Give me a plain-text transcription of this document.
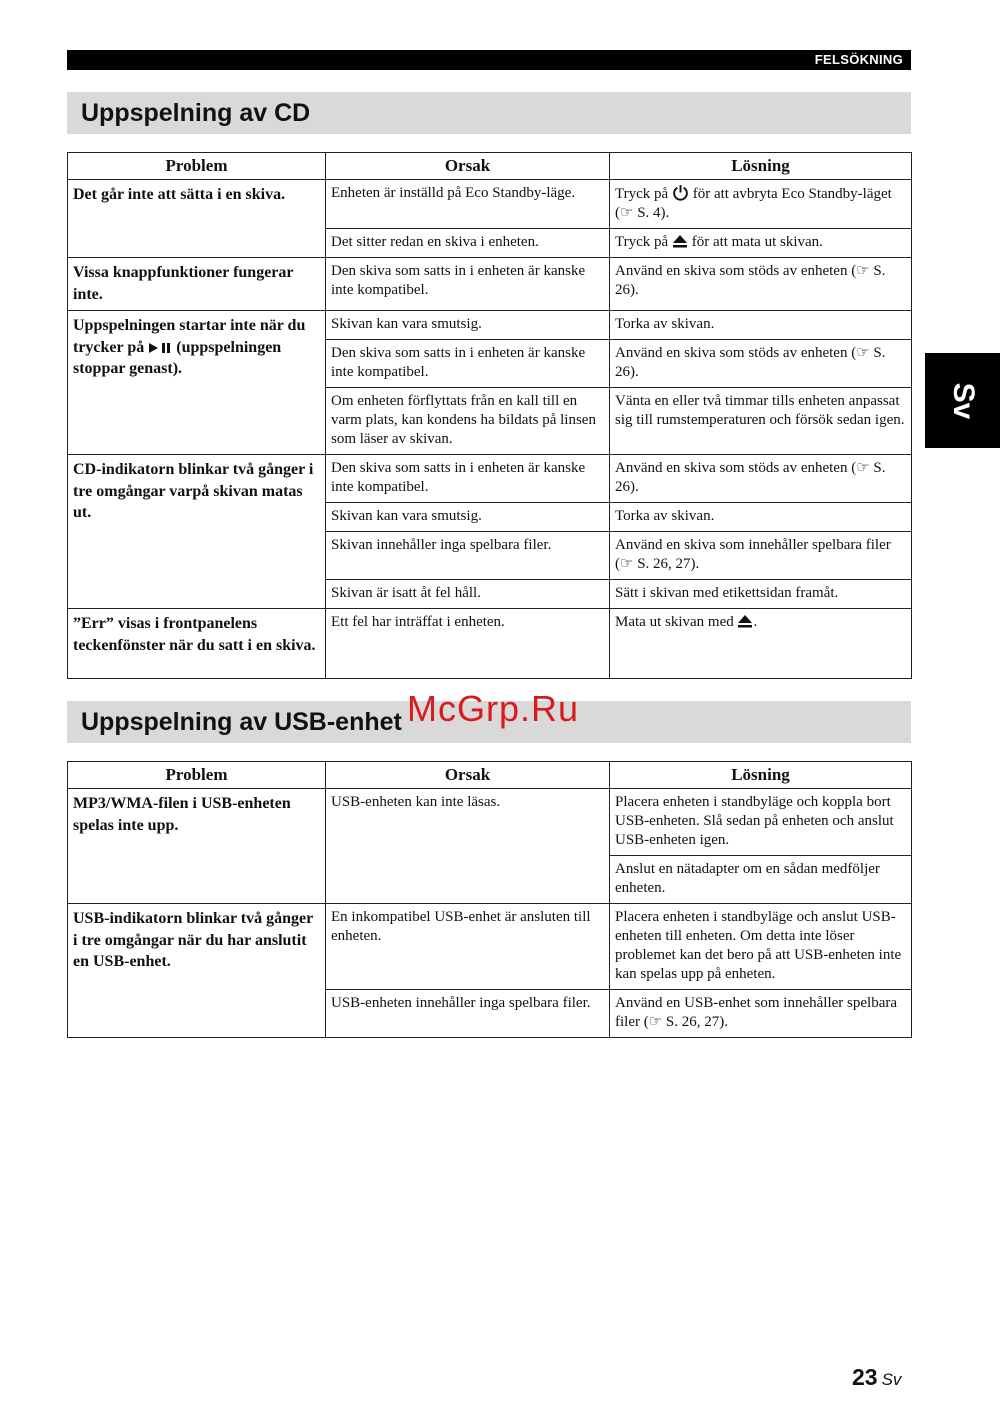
FELSÖKNING
Sv
Uppspelning av CD
Problem	Orsak	Lösning
Det går inte att sätta i en skiva.	Enheten är inställd på Eco Standby-läge.	Tryck på för att avbryta Eco Standby-läget (☞ S. 4).
	Det sitter redan en skiva i enheten.	Tryck på för att mata ut skivan.
Vissa knappfunktioner fungerar inte.	Den skiva som satts in i enheten är kanske inte kompatibel.	Använd en skiva som stöds av enheten (☞ S. 26).
Uppspelningen startar inte när du trycker på (uppspelningen stoppar genast).	Skivan kan vara smutsig.	Torka av skivan.
	Den skiva som satts in i enheten är kanske inte kompatibel.	Använd en skiva som stöds av enheten (☞ S. 26).
	Om enheten förflyttats från en kall till en varm plats, kan kondens ha bildats på linsen som läser av skivan.	Vänta en eller två timmar tills enheten anpassat sig till rumstemperaturen och försök sedan igen.
CD-indikatorn blinkar två gånger i tre omgångar varpå skivan matas ut.	Den skiva som satts in i enheten är kanske inte kompatibel.	Använd en skiva som stöds av enheten (☞ S. 26).
	Skivan kan vara smutsig.	Torka av skivan.
	Skivan innehåller inga spelbara filer.	Använd en skiva som innehåller spelbara filer (☞ S. 26, 27).
	Skivan är isatt åt fel håll.	Sätt i skivan med etikettsidan framåt.
”Err” visas i frontpanelens teckenfönster när du satt i en skiva.	Ett fel har inträffat i enheten.	Mata ut skivan med .
Uppspelning av USB-enhet McGrp.Ru
Problem	Orsak	Lösning
MP3/WMA-filen i USB-enheten spelas inte upp.	USB-enheten kan inte läsas.	Placera enheten i standbyläge och koppla bort USB-enheten. Slå sedan på enheten och anslut USB-enheten igen.
		Anslut en nätadapter om en sådan medföljer enheten.
USB-indikatorn blinkar två gånger i tre omgångar när du har anslutit en USB-enhet.	En inkompatibel USB-enhet är ansluten till enheten.	Placera enheten i standbyläge och anslut USB-enheten till enheten. Om detta inte löser problemet kan det bero på att USB-enheten inte kan spelas upp på enheten.
	USB-enheten innehåller inga spelbara filer.	Använd en USB-enhet som innehåller spelbara filer (☞ S. 26, 27).
23 Sv
